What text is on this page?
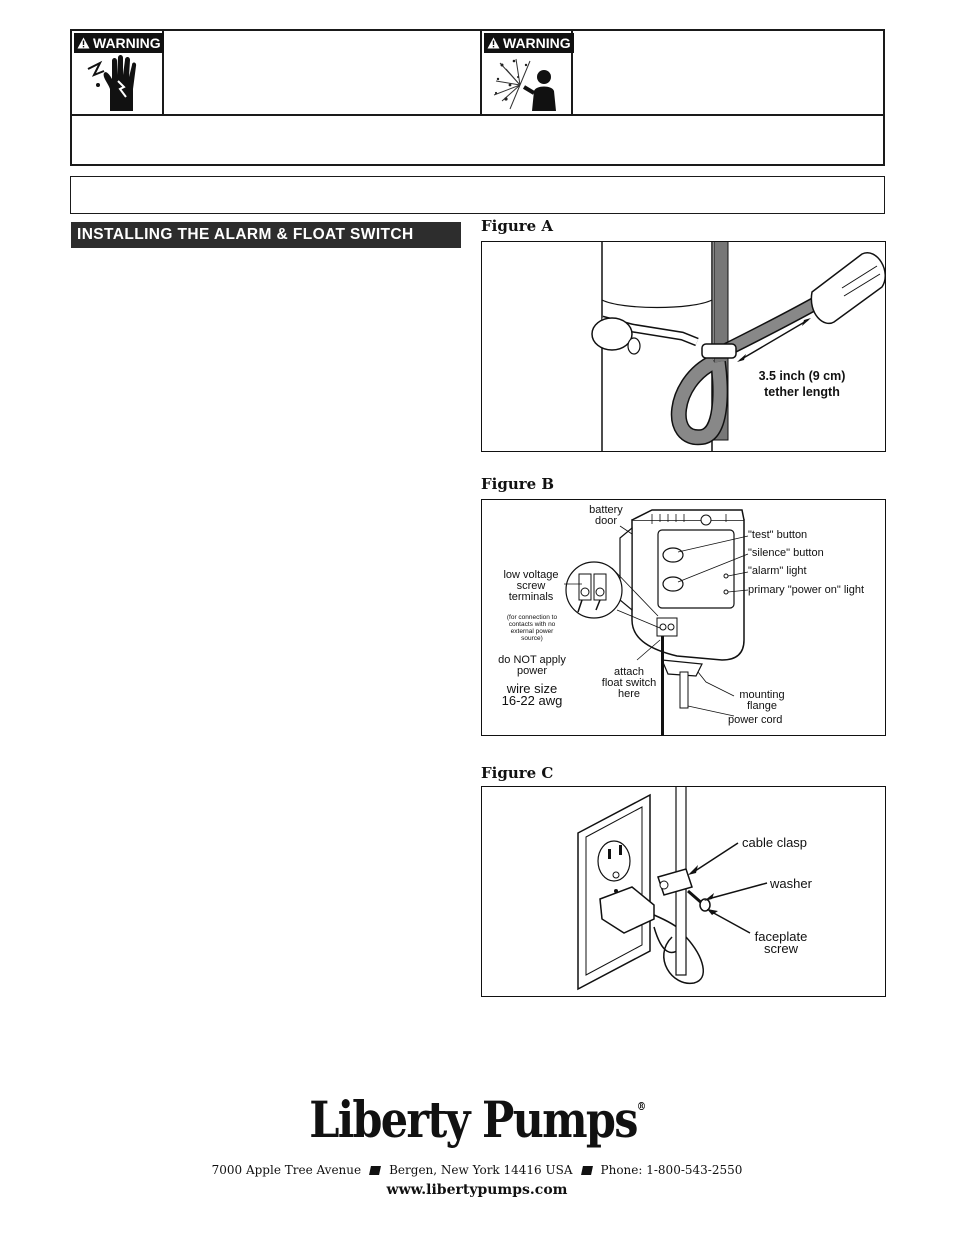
WARNING	WARNING
INSTALLING THE ALARM & FLOAT SWITCH	Figure A
3.5 inch (9 cm)
tether length
Figure B
battery
door
"test" button
"silence" button
"alarm" light
primary "power on" light
low voltage
screw
terminals
(for connection to
contacts with no
external power
source)
do NOT apply
power
wire size
16-22 awg
attach
float switch
here	mounting
flange
power cord
Figure C
cable clasp
washer
faceplate
screw
Liberty Pumps®
7000 Apple Tree Avenue Bergen, New York 14416 USA Phone: 1-800-543-2550
www.libertypumps.com
